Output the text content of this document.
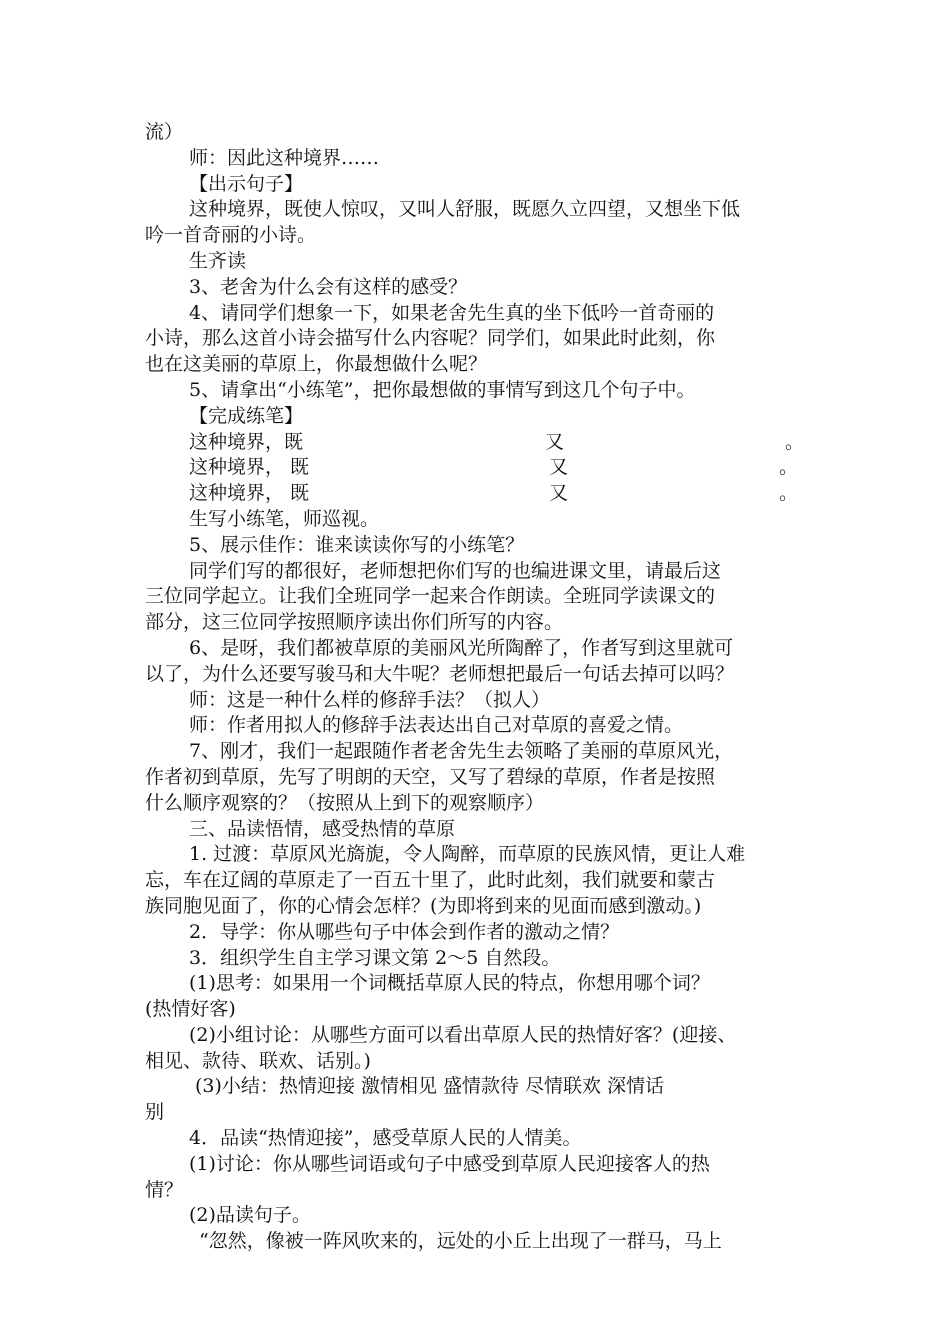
流）
师：因此这种境界……
【出示句子】
这种境界，既使人惊叹，又叫人舒服，既愿久立四望，又想坐下低
吟一首奇丽的小诗。
生齐读
3、老舍为什么会有这样的感受？
4、请同学们想象一下，如果老舍先生真的坐下低吟一首奇丽的
小诗，那么这首小诗会描写什么内容呢？同学们，如果此时此刻，你
也在这美丽的草原上，你最想做什么呢？
5、请拿出“小练笔”，把你最想做的事情写到这几个句子中。
【完成练笔】
这种境界，既	又	。
这种境界， 既	又	。
这种境界， 既	又	。
生写小练笔，师巡视。
5、展示佳作：谁来读读你写的小练笔？
同学们写的都很好，老师想把你们写的也编进课文里，请最后这
三位同学起立。让我们全班同学一起来合作朗读。全班同学读课文的
部分，这三位同学按照顺序读出你们所写的内容。
6、是呀，我们都被草原的美丽风光所陶醉了，作者写到这里就可
以了，为什么还要写骏马和大牛呢？老师想把最后一句话去掉可以吗？
师：这是一种什么样的修辞手法？（拟人）
师：作者用拟人的修辞手法表达出自己对草原的喜爱之情。
7、刚才，我们一起跟随作者老舍先生去领略了美丽的草原风光，
作者初到草原，先写了明朗的天空，又写了碧绿的草原，作者是按照
什么顺序观察的？（按照从上到下的观察顺序）
三、品读悟情，感受热情的草原
1. 过渡：草原风光旖旎，令人陶醉，而草原的民族风情，更让人难
忘，车在辽阔的草原走了一百五十里了，此时此刻，我们就要和蒙古
族同胞见面了，你的心情会怎样？(为即将到来的见面而感到激动。)
2．导学：你从哪些句子中体会到作者的激动之情？
3．组织学生自主学习课文第 2～5 自然段。
(1)思考：如果用一个词概括草原人民的特点，你想用哪个词？
(热情好客)
(2)小组讨论：从哪些方面可以看出草原人民的热情好客？(迎接、
相见、款待、联欢、话别。)
(3)小结：热情迎接 激情相见 盛情款待 尽情联欢 深情话
别
4．品读“热情迎接”，感受草原人民的人情美。
(1)讨论：你从哪些词语或句子中感受到草原人民迎接客人的热
情？
(2)品读句子。
“忽然，像被一阵风吹来的，远处的小丘上出现了一群马，马上
